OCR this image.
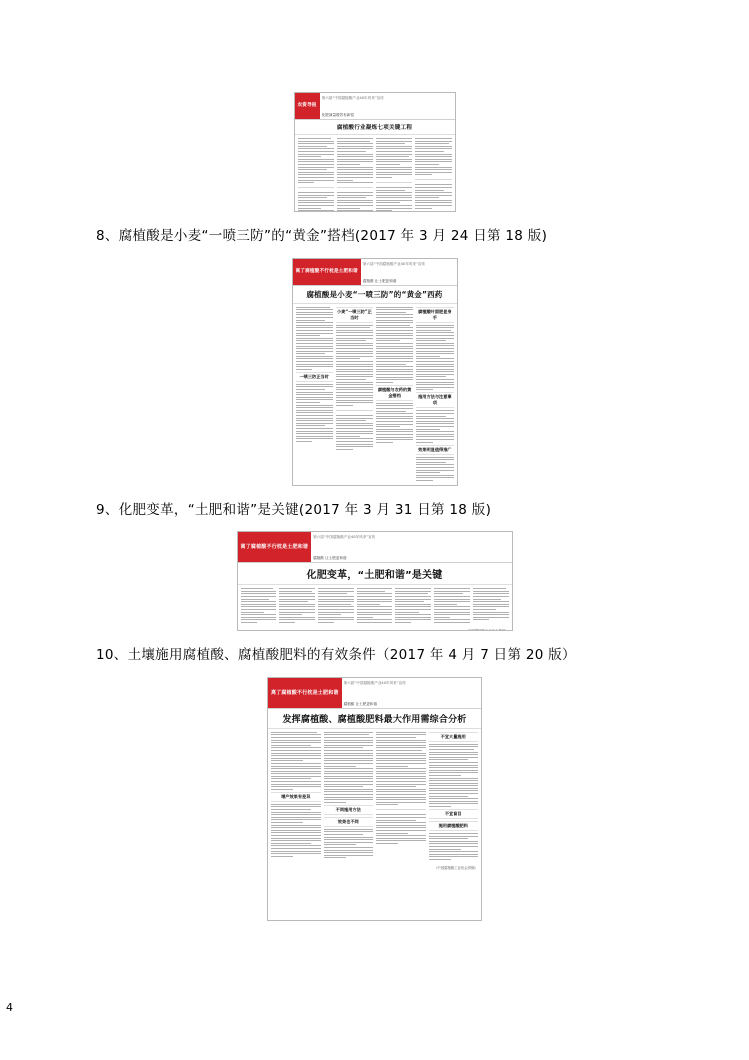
农资导报
第六届“中国腐植酸产业40年风采”宣传
化肥减量增效有新招
腐植酸行业凝炼七项关键工程
8、腐植酸是小麦“一喷三防”的“黄金”搭档(2017 年 3 月 24 日第 18 版)
离了腐植酸不行 枕是土肥和谐
第六届“中国腐植酸产业40年风采”宣传
腐植酸 让土肥更和谐
腐植酸是小麦“一喷三防”的“黄金”西药
一喷三防正当时
小麦“一喷三防”正当时
腐植酸与农药的黄金搭档
腐植酸叶面肥显身手
施用方法与注意事项
效果明显值得推广
9、化肥变革，“土肥和谐”是关键(2017 年 3 月 31 日第 18 版)
离了腐植酸不行 枕是土肥和谐
第六届“中国腐植酸产业40年风采”宣传
腐植酸 让土肥更和谐
化肥变革，“土肥和谐”是关键
（中国腐植酸工业协会供稿）
10、土壤施用腐植酸、腐植酸肥料的有效条件（2017 年 4 月 7 日第 20 版）
离了腐植酸不行 枕是土肥和谐
第六届“中国腐植酸产业40年风采”宣传
腐植酸 让土肥更和谐
发挥腐植酸、腐植酸肥料最大作用需综合分析
增产效果有差异
不同施用方法
效果也不同
不宜大量施用
不宜盲目
施用腐植酸肥料
（中国腐植酸工业协会供稿）
4
